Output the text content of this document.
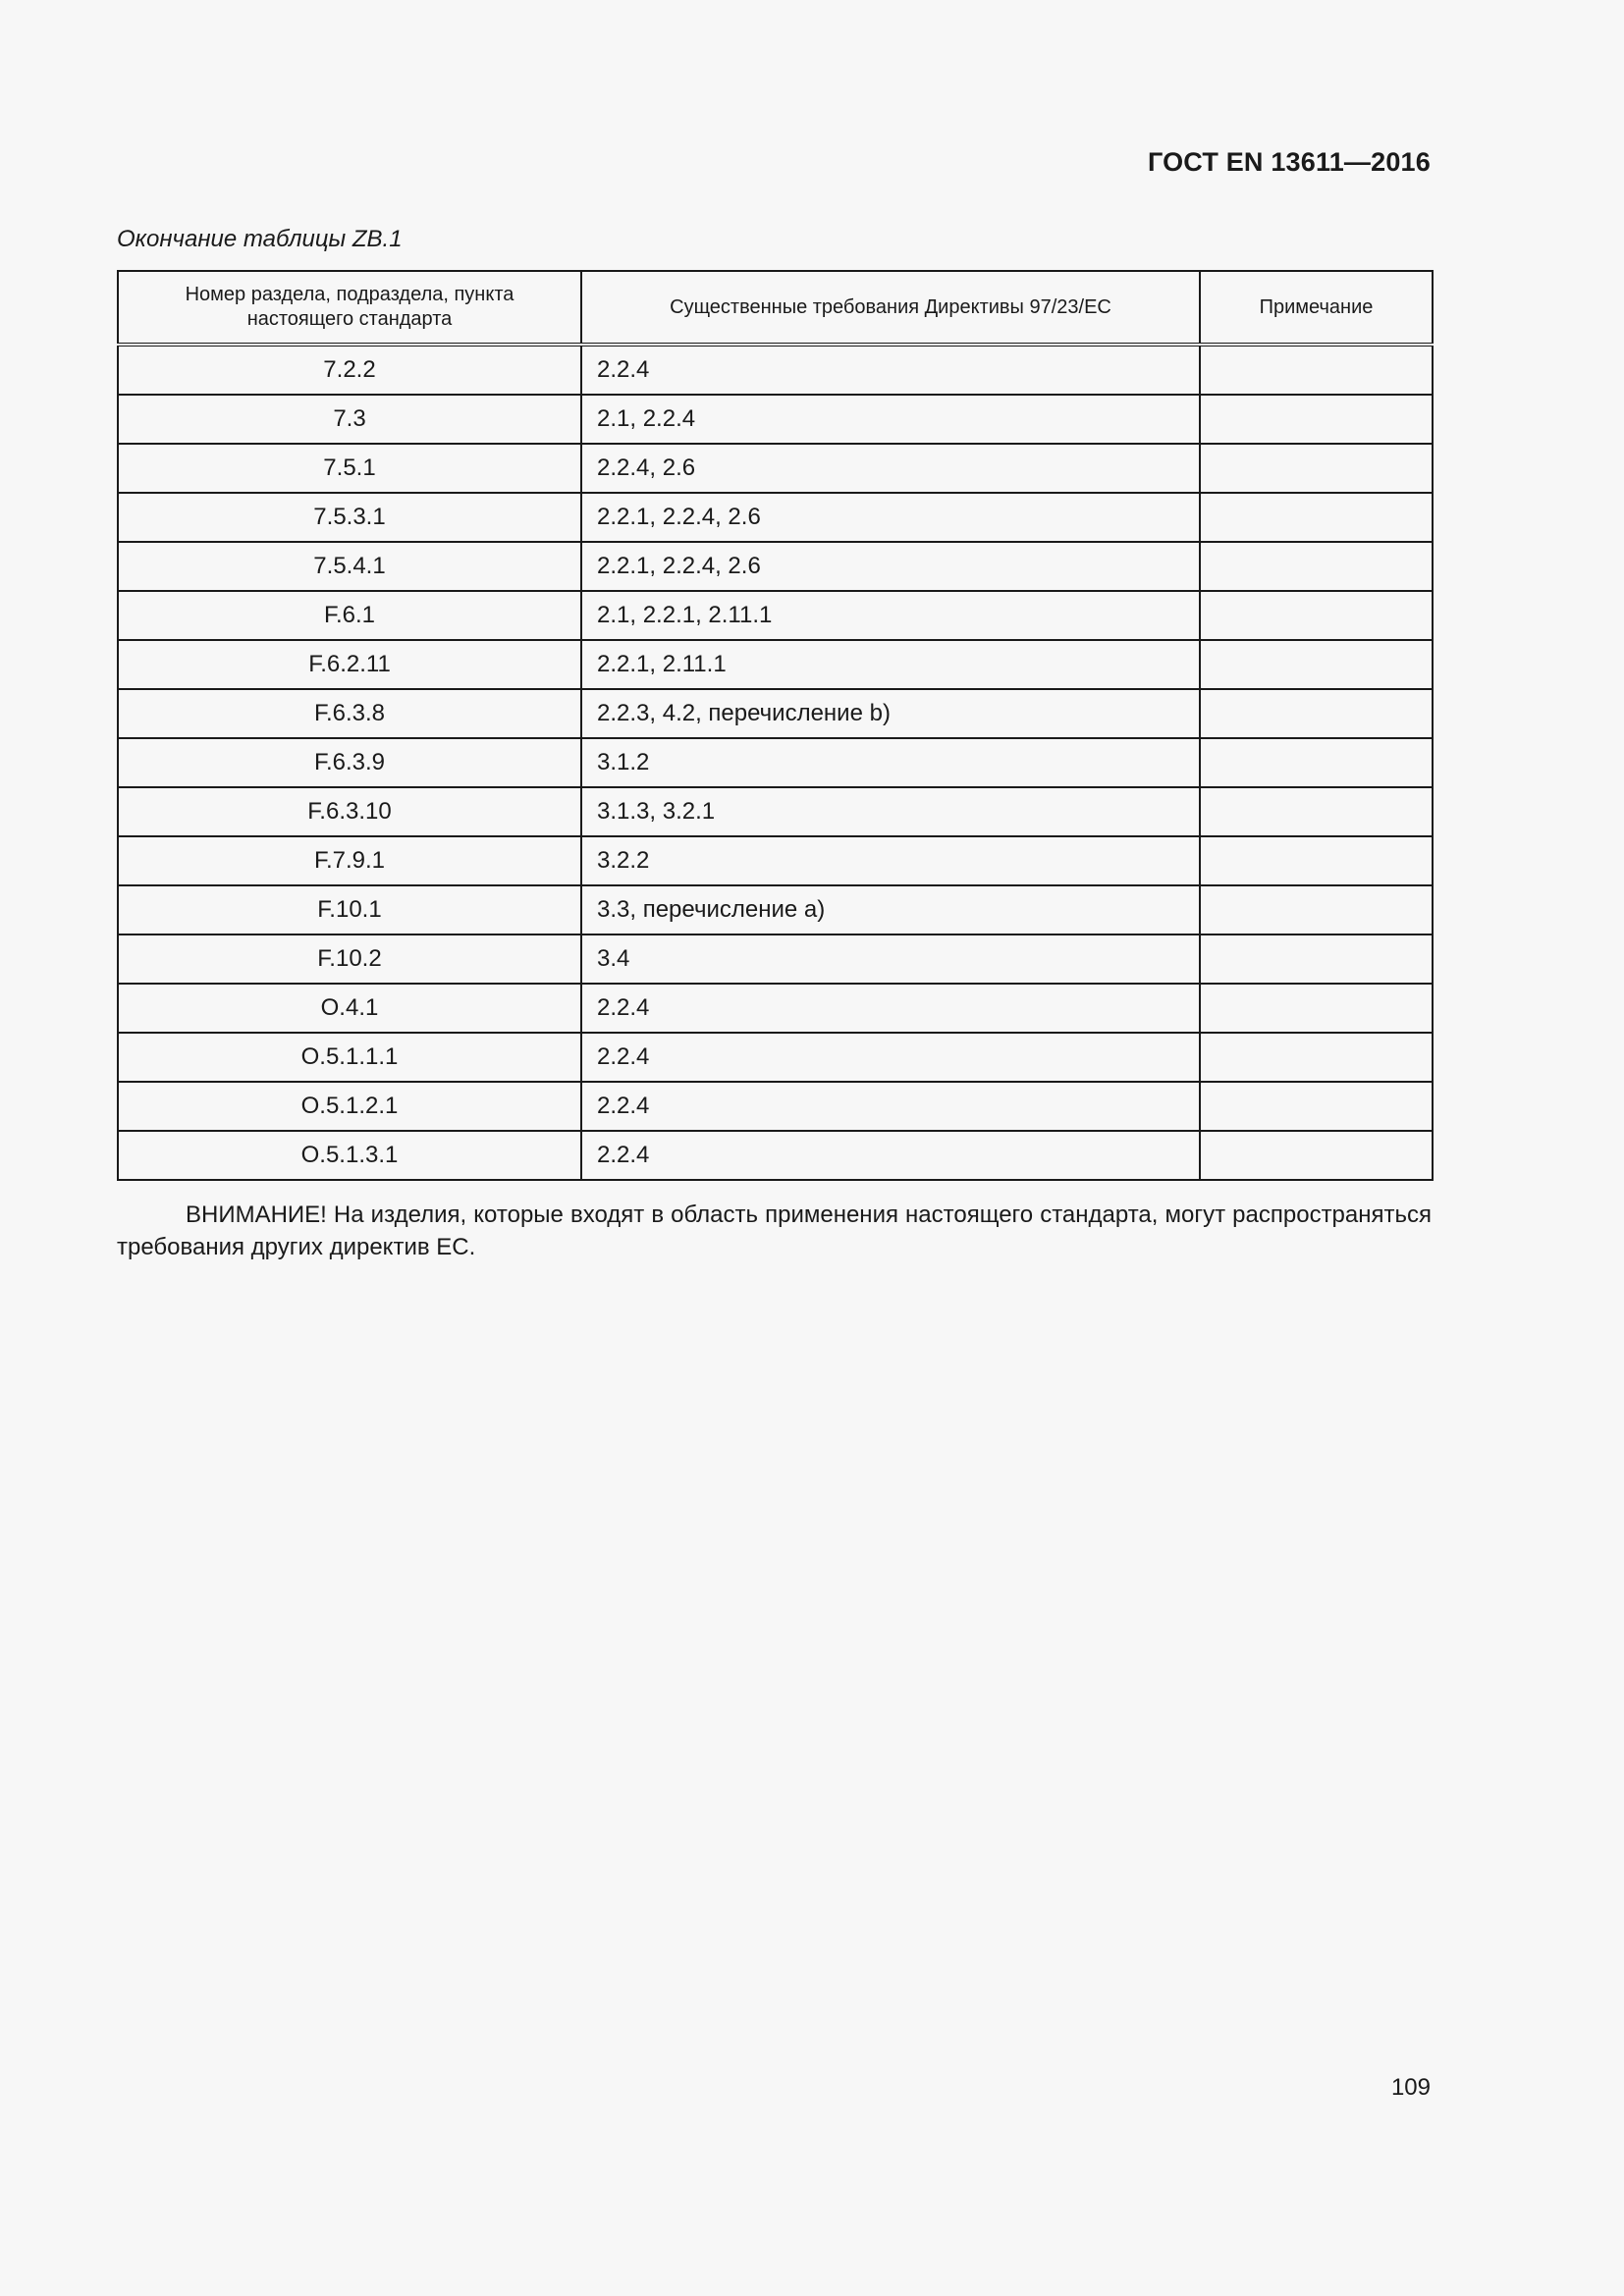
ГОСТ EN 13611—2016
Окончание таблицы ZB.1
Номер раздела, подраздела, пункта настоящего стандарта	Существенные требования Директивы 97/23/ЕС	Примечание
7.2.2	2.2.4	
7.3	2.1, 2.2.4	
7.5.1	2.2.4, 2.6	
7.5.3.1	2.2.1, 2.2.4, 2.6	
7.5.4.1	2.2.1, 2.2.4, 2.6	
F.6.1	2.1, 2.2.1, 2.11.1	
F.6.2.11	2.2.1, 2.11.1	
F.6.3.8	2.2.3, 4.2, перечисление b)	
F.6.3.9	3.1.2	
F.6.3.10	3.1.3, 3.2.1	
F.7.9.1	3.2.2	
F.10.1	3.3, перечисление а)	
F.10.2	3.4	
O.4.1	2.2.4	
O.5.1.1.1	2.2.4	
O.5.1.2.1	2.2.4	
O.5.1.3.1	2.2.4	
ВНИМАНИЕ! На изделия, которые входят в область применения настоящего стандарта, могут распространяться требования других директив ЕС.
109
